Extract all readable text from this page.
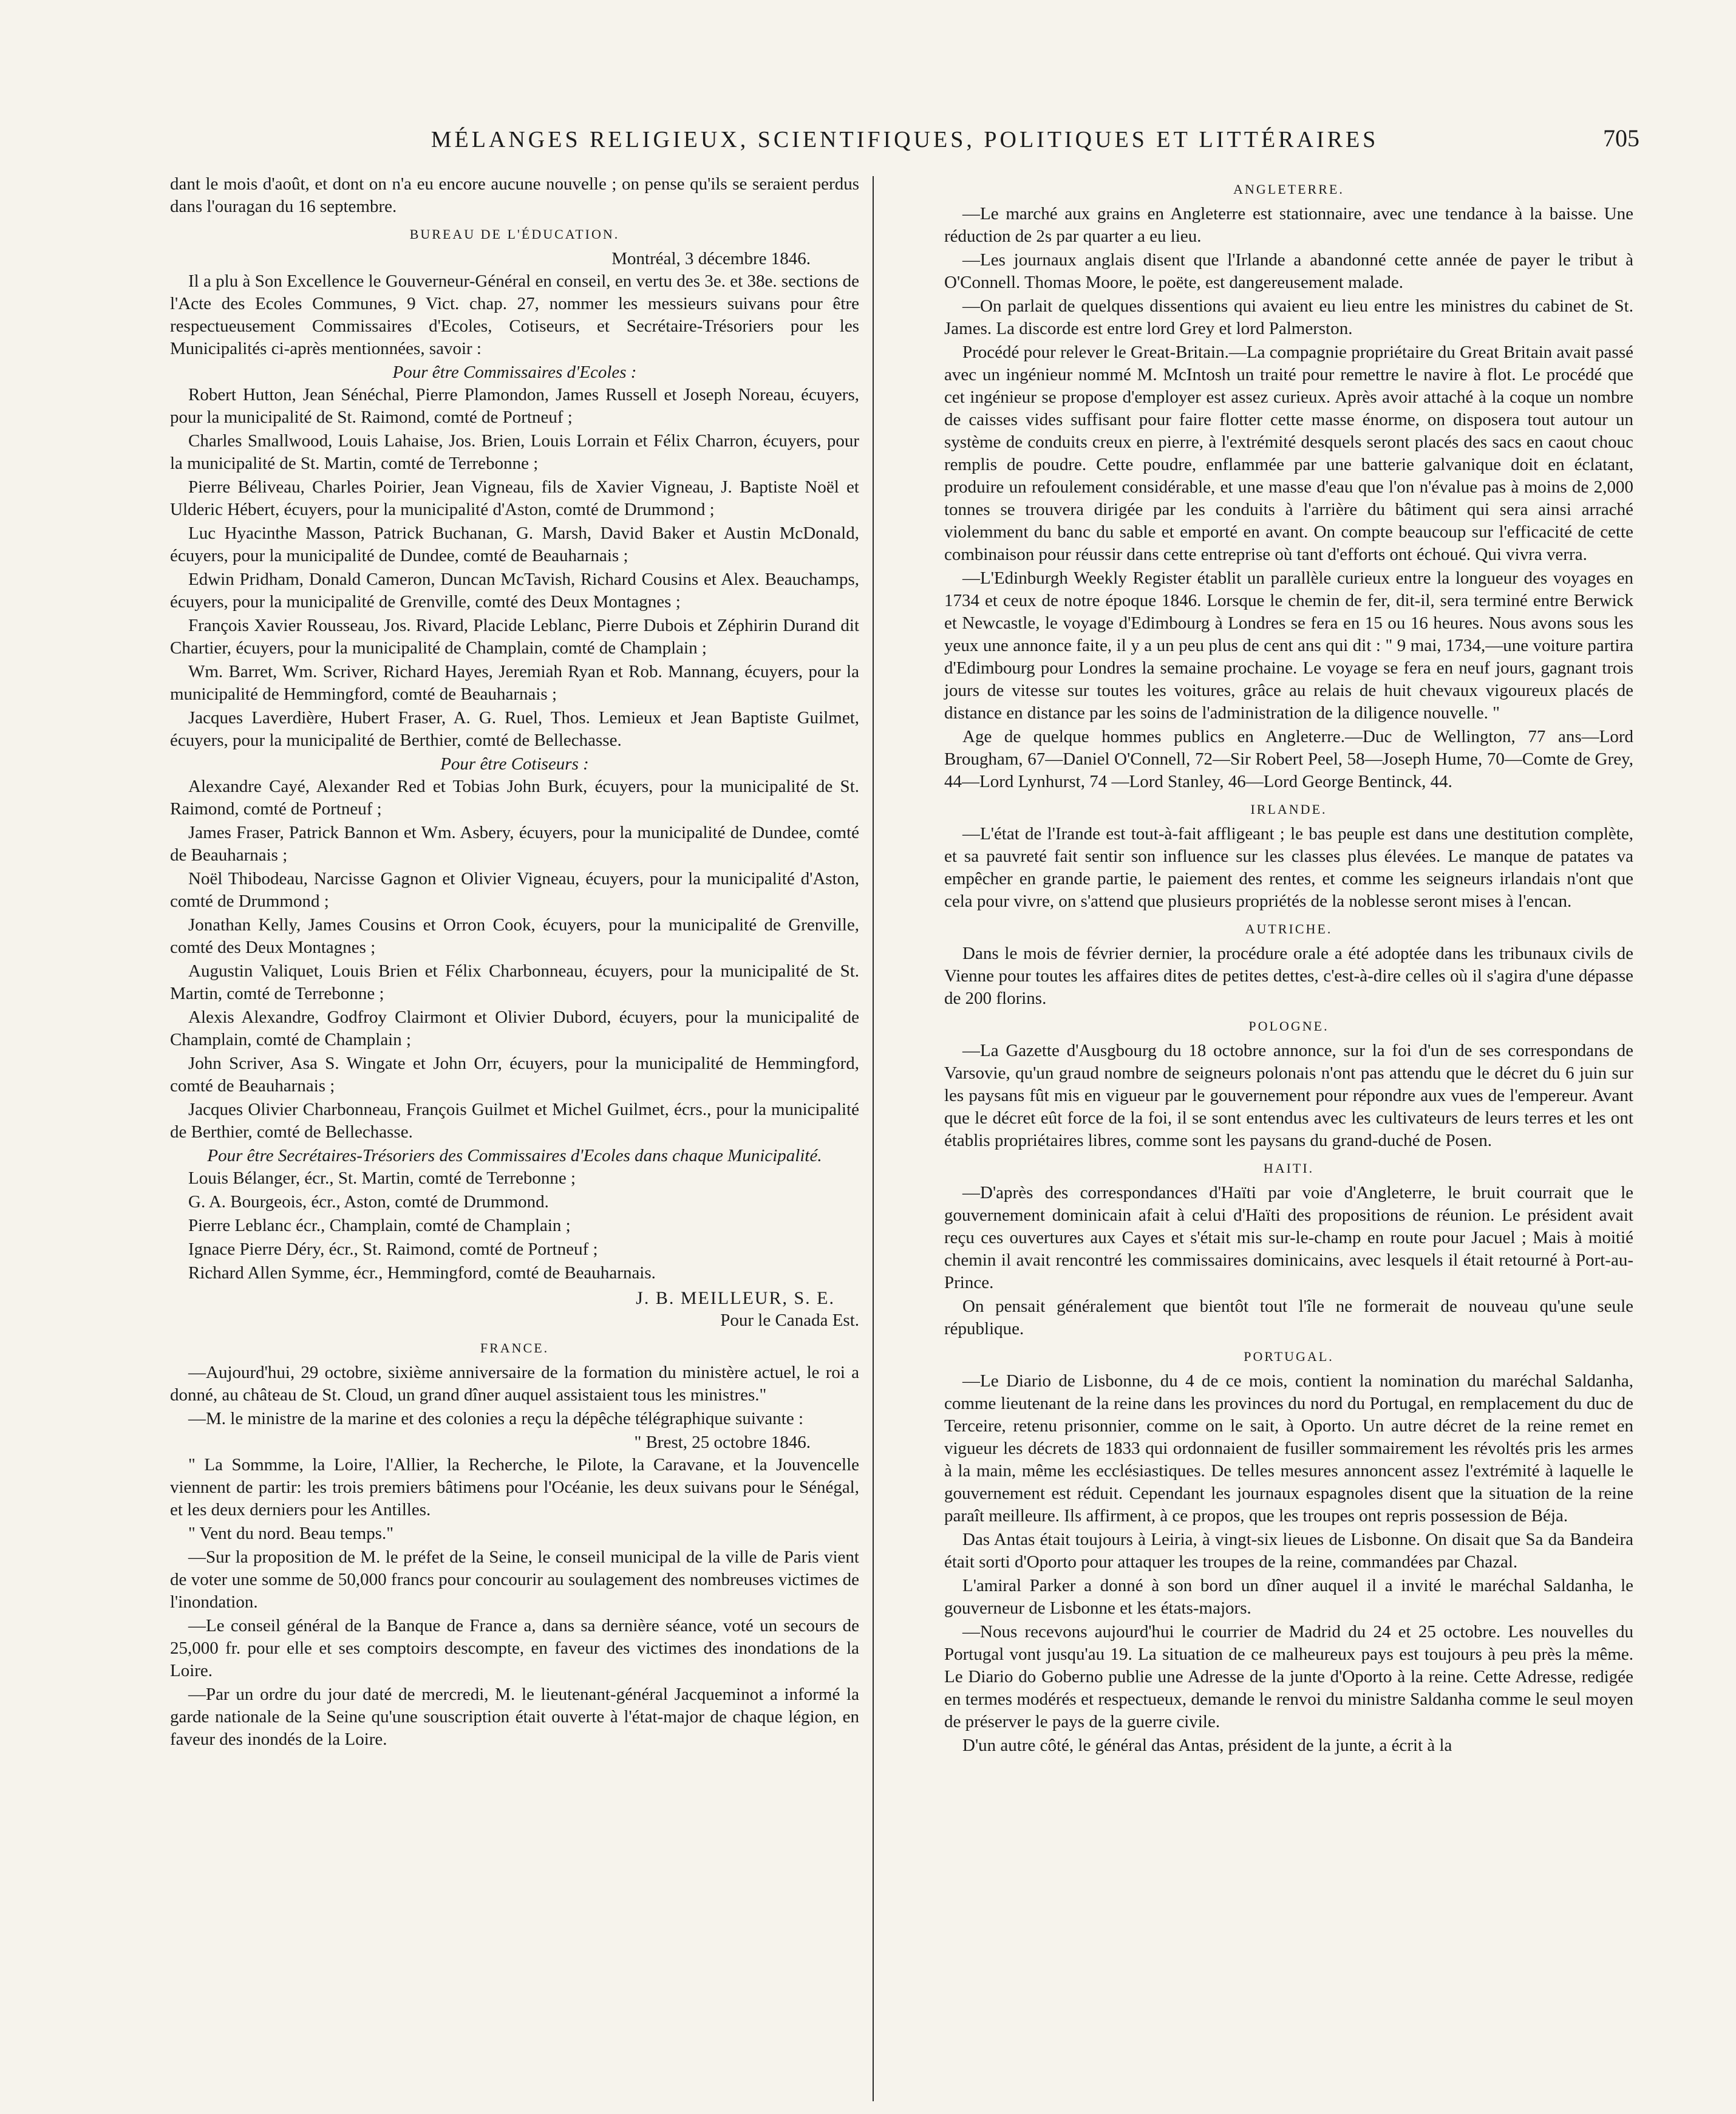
MÉLANGES RELIGIEUX, SCIENTIFIQUES, POLITIQUES ET LITTÉRAIRES	705

dant le mois d'août, et dont on n'a eu encore aucune nouvelle ; on pense qu'ils se seraient perdus dans l'ouragan du 16 septembre.

BUREAU DE L'ÉDUCATION.
Montréal, 3 décembre 1846.

Il a plu à Son Excellence le Gouverneur-Général en conseil, en vertu des 3e. et 38e. sections de l'Acte des Ecoles Communes, 9 Vict. chap. 27, nommer les messieurs suivans pour être respectueusement Commissaires d'Ecoles, Cotiseurs, et Secrétaire-Trésoriers pour les Municipalités ci-après mentionnées, savoir :

Pour être Commissaires d'Ecoles :

Robert Hutton, Jean Sénéchal, Pierre Plamondon, James Russell et Joseph Noreau, écuyers, pour la municipalité de St. Raimond, comté de Portneuf ;

Charles Smallwood, Louis Lahaise, Jos. Brien, Louis Lorrain et Félix Charron, écuyers, pour la municipalité de St. Martin, comté de Terrebonne ;

Pierre Béliveau, Charles Poirier, Jean Vigneau, fils de Xavier Vigneau, J. Baptiste Noël et Ulderic Hébert, écuyers, pour la municipalité d'Aston, comté de Drummond ;

Luc Hyacinthe Masson, Patrick Buchanan, G. Marsh, David Baker et Austin McDonald, écuyers, pour la municipalité de Dundee, comté de Beauharnais ;

Edwin Pridham, Donald Cameron, Duncan McTavish, Richard Cousins et Alex. Beauchamps, écuyers, pour la municipalité de Grenville, comté des Deux Montagnes ;

François Xavier Rousseau, Jos. Rivard, Placide Leblanc, Pierre Dubois et Zéphirin Durand dit Chartier, écuyers, pour la municipalité de Champlain, comté de Champlain ;

Wm. Barret, Wm. Scriver, Richard Hayes, Jeremiah Ryan et Rob. Mannang, écuyers, pour la municipalité de Hemmingford, comté de Beauharnais ;

Jacques Laverdière, Hubert Fraser, A. G. Ruel, Thos. Lemieux et Jean Baptiste Guilmet, écuyers, pour la municipalité de Berthier, comté de Bellechasse.

Pour être Cotiseurs :

Alexandre Cayé, Alexander Red et Tobias John Burk, écuyers, pour la municipalité de St. Raimond, comté de Portneuf ;

James Fraser, Patrick Bannon et Wm. Asbery, écuyers, pour la municipalité de Dundee, comté de Beauharnais ;

Noël Thibodeau, Narcisse Gagnon et Olivier Vigneau, écuyers, pour la municipalité d'Aston, comté de Drummond ;

Jonathan Kelly, James Cousins et Orron Cook, écuyers, pour la municipalité de Grenville, comté des Deux Montagnes ;

Augustin Valiquet, Louis Brien et Félix Charbonneau, écuyers, pour la municipalité de St. Martin, comté de Terrebonne ;

Alexis Alexandre, Godfroy Clairmont et Olivier Dubord, écuyers, pour la municipalité de Champlain, comté de Champlain ;

John Scriver, Asa S. Wingate et John Orr, écuyers, pour la municipalité de Hemmingford, comté de Beauharnais ;

Jacques Olivier Charbonneau, François Guilmet et Michel Guilmet, écrs., pour la municipalité de Berthier, comté de Bellechasse.

Pour être Secrétaires-Trésoriers des Commissaires d'Ecoles dans chaque Municipalité.

Louis Bélanger, écr., St. Martin, comté de Terrebonne ;

G. A. Bourgeois, écr., Aston, comté de Drummond.

Pierre Leblanc écr., Champlain, comté de Champlain ;

Ignace Pierre Déry, écr., St. Raimond, comté de Portneuf ;

Richard Allen Symme, écr., Hemmingford, comté de Beauharnais.

J. B. MEILLEUR, S. E.
Pour le Canada Est.
FRANCE.

—Aujourd'hui, 29 octobre, sixième anniversaire de la formation du ministère actuel, le roi a donné, au château de St. Cloud, un grand dîner auquel assistaient tous les ministres."

—M. le ministre de la marine et des colonies a reçu la dépêche télégraphique suivante :

" Brest, 25 octobre 1846.

" La Sommme, la Loire, l'Allier, la Recherche, le Pilote, la Caravane, et la Jouvencelle viennent de partir: les trois premiers bâtimens pour l'Océanie, les deux suivans pour le Sénégal, et les deux derniers pour les Antilles.

" Vent du nord. Beau temps."

—Sur la proposition de M. le préfet de la Seine, le conseil municipal de la ville de Paris vient de voter une somme de 50,000 francs pour concourir au soulagement des nombreuses victimes de l'inondation.

—Le conseil général de la Banque de France a, dans sa dernière séance, voté un secours de 25,000 fr. pour elle et ses comptoirs descompte, en faveur des victimes des inondations de la Loire.

—Par un ordre du jour daté de mercredi, M. le lieutenant-général Jacqueminot a informé la garde nationale de la Seine qu'une souscription était ouverte à l'état-major de chaque légion, en faveur des inondés de la Loire.

ANGLETERRE.

—Le marché aux grains en Angleterre est stationnaire, avec une tendance à la baisse. Une réduction de 2s par quarter a eu lieu.

—Les journaux anglais disent que l'Irlande a abandonné cette année de payer le tribut à O'Connell. Thomas Moore, le poëte, est dangereusement malade.

—On parlait de quelques dissentions qui avaient eu lieu entre les ministres du cabinet de St. James. La discorde est entre lord Grey et lord Palmerston.

Procédé pour relever le Great-Britain.—La compagnie propriétaire du Great Britain avait passé avec un ingénieur nommé M. McIntosh un traité pour remettre le navire à flot. Le procédé que cet ingénieur se propose d'employer est assez curieux. Après avoir attaché à la coque un nombre de caisses vides suffisant pour faire flotter cette masse énorme, on disposera tout autour un système de conduits creux en pierre, à l'extrémité desquels seront placés des sacs en caout chouc remplis de poudre. Cette poudre, enflammée par une batterie galvanique doit en éclatant, produire un refoulement considérable, et une masse d'eau que l'on n'évalue pas à moins de 2,000 tonnes se trouvera dirigée par les conduits à l'arrière du bâtiment qui sera ainsi arraché violemment du banc du sable et emporté en avant. On compte beaucoup sur l'efficacité de cette combinaison pour réussir dans cette entreprise où tant d'efforts ont échoué. Qui vivra verra.

—L'Edinburgh Weekly Register établit un parallèle curieux entre la longueur des voyages en 1734 et ceux de notre époque 1846. Lorsque le chemin de fer, dit-il, sera terminé entre Berwick et Newcastle, le voyage d'Edimbourg à Londres se fera en 15 ou 16 heures. Nous avons sous les yeux une annonce faite, il y a un peu plus de cent ans qui dit : " 9 mai, 1734,—une voiture partira d'Edimbourg pour Londres la semaine prochaine. Le voyage se fera en neuf jours, gagnant trois jours de vitesse sur toutes les voitures, grâce au relais de huit chevaux vigoureux placés de distance en distance par les soins de l'administration de la diligence nouvelle. "

Age de quelque hommes publics en Angleterre.—Duc de Wellington, 77 ans—Lord Brougham, 67—Daniel O'Connell, 72—Sir Robert Peel, 58—Joseph Hume, 70—Comte de Grey, 44—Lord Lynhurst, 74 —Lord Stanley, 46—Lord George Bentinck, 44.

IRLANDE.

—L'état de l'Irande est tout-à-fait affligeant ; le bas peuple est dans une destitution complète, et sa pauvreté fait sentir son influence sur les classes plus élevées. Le manque de patates va empêcher en grande partie, le paiement des rentes, et comme les seigneurs irlandais n'ont que cela pour vivre, on s'attend que plusieurs propriétés de la noblesse seront mises à l'encan.

AUTRICHE.

Dans le mois de février dernier, la procédure orale a été adoptée dans les tribunaux civils de Vienne pour toutes les affaires dites de petites dettes, c'est-à-dire celles où il s'agira d'une dépasse de 200 florins.

POLOGNE.

—La Gazette d'Ausgbourg du 18 octobre annonce, sur la foi d'un de ses correspondans de Varsovie, qu'un graud nombre de seigneurs polonais n'ont pas attendu que le décret du 6 juin sur les paysans fût mis en vigueur par le gouvernement pour répondre aux vues de l'empereur. Avant que le décret eût force de la foi, il se sont entendus avec les cultivateurs de leurs terres et les ont établis propriétaires libres, comme sont les paysans du grand-duché de Posen.

HAITI.

—D'après des correspondances d'Haïti par voie d'Angleterre, le bruit courrait que le gouvernement dominicain afait à celui d'Haïti des propositions de réunion. Le président avait reçu ces ouvertures aux Cayes et s'était mis sur-le-champ en route pour Jacuel ; Mais à moitié chemin il avait rencontré les commissaires dominicains, avec lesquels il était retourné à Port-au-Prince.

On pensait généralement que bientôt tout l'île ne formerait de nouveau qu'une seule république.

PORTUGAL.

—Le Diario de Lisbonne, du 4 de ce mois, contient la nomination du maréchal Saldanha, comme lieutenant de la reine dans les provinces du nord du Portugal, en remplacement du duc de Terceire, retenu prisonnier, comme on le sait, à Oporto. Un autre décret de la reine remet en vigueur les décrets de 1833 qui ordonnaient de fusiller sommairement les révoltés pris les armes à la main, même les ecclésiastiques. De telles mesures annoncent assez l'extrémité à laquelle le gouvernement est réduit. Cependant les journaux espagnoles disent que la situation de la reine paraît meilleure. Ils affirment, à ce propos, que les troupes ont repris possession de Béja.

Das Antas était toujours à Leiria, à vingt-six lieues de Lisbonne. On disait que Sa da Bandeira était sorti d'Oporto pour attaquer les troupes de la reine, commandées par Chazal.

L'amiral Parker a donné à son bord un dîner auquel il a invité le maréchal Saldanha, le gouverneur de Lisbonne et les états-majors.

—Nous recevons aujourd'hui le courrier de Madrid du 24 et 25 octobre. Les nouvelles du Portugal vont jusqu'au 19. La situation de ce malheureux pays est toujours à peu près la même. Le Diario do Goberno publie une Adresse de la junte d'Oporto à la reine. Cette Adresse, redigée en termes modérés et respectueux, demande le renvoi du ministre Saldanha comme le seul moyen de préserver le pays de la guerre civile.

D'un autre côté, le général das Antas, président de la junte, a écrit à la
